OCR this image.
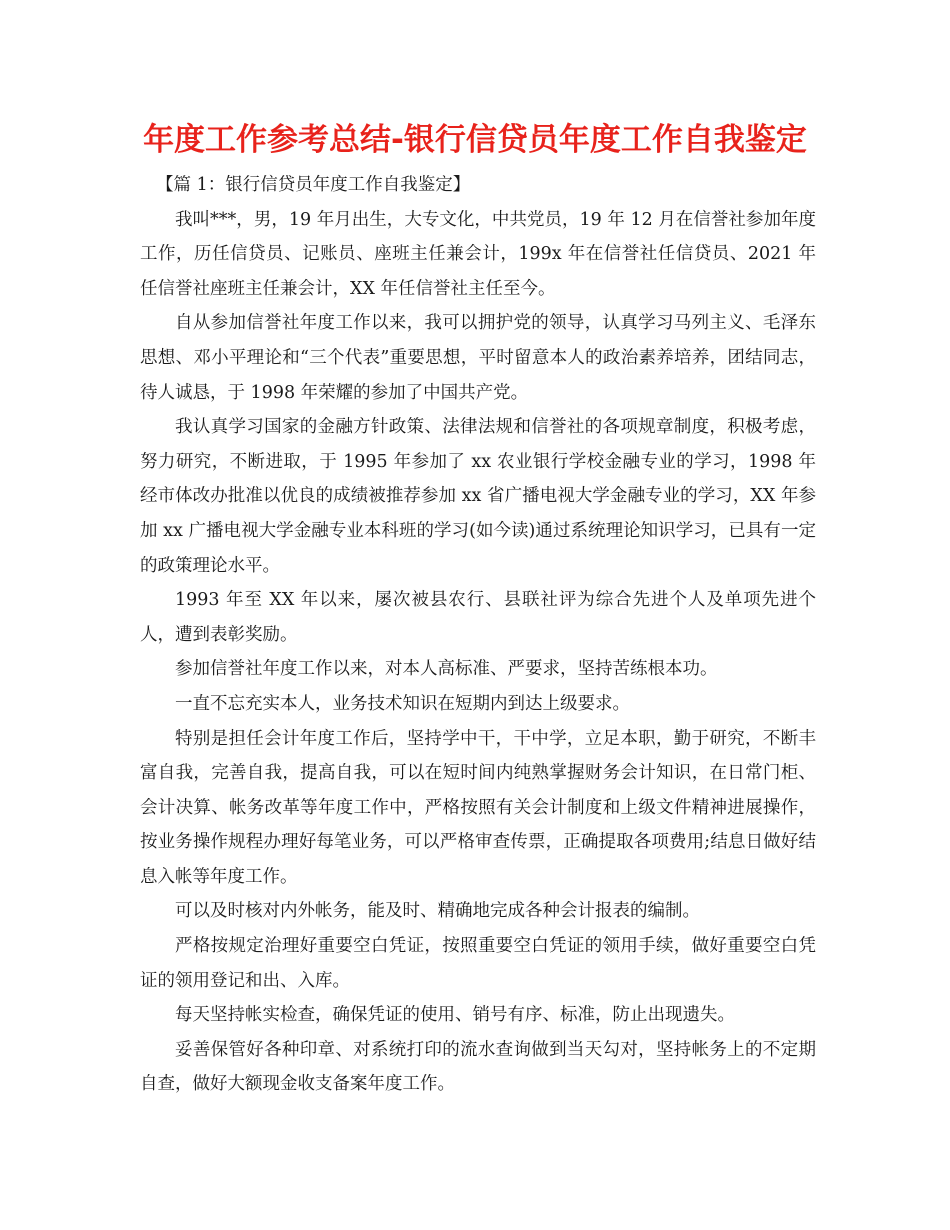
年度工作参考总结-银行信贷员年度工作自我鉴定

【篇 1：银行信贷员年度工作自我鉴定】

我叫***，男，19 年月出生，大专文化，中共党员，19 年 12 月在信誉社参加年度工作，历任信贷员、记账员、座班主任兼会计，199x 年在信誉社任信贷员、2021 年任信誉社座班主任兼会计，XX 年任信誉社主任至今。

自从参加信誉社年度工作以来，我可以拥护党的领导，认真学习马列主义、毛泽东思想、邓小平理论和“三个代表”重要思想，平时留意本人的政治素养培养，团结同志，待人诚恳，于 1998 年荣耀的参加了中国共产党。

我认真学习国家的金融方针政策、法律法规和信誉社的各项规章制度，积极考虑，努力研究，不断进取，于 1995 年参加了 xx 农业银行学校金融专业的学习，1998 年经市体改办批准以优良的成绩被推荐参加 xx 省广播电视大学金融专业的学习，XX 年参加 xx 广播电视大学金融专业本科班的学习(如今读)通过系统理论知识学习，已具有一定的政策理论水平。

1993 年至 XX 年以来，屡次被县农行、县联社评为综合先进个人及单项先进个人，遭到表彰奖励。

参加信誉社年度工作以来，对本人高标准、严要求，坚持苦练根本功。

一直不忘充实本人，业务技术知识在短期内到达上级要求。

特别是担任会计年度工作后，坚持学中干，干中学，立足本职，勤于研究，不断丰富自我，完善自我，提高自我，可以在短时间内纯熟掌握财务会计知识，在日常门柜、会计决算、帐务改革等年度工作中，严格按照有关会计制度和上级文件精神进展操作，按业务操作规程办理好每笔业务，可以严格审查传票，正确提取各项费用;结息日做好结息入帐等年度工作。

可以及时核对内外帐务，能及时、精确地完成各种会计报表的编制。

严格按规定治理好重要空白凭证，按照重要空白凭证的领用手续，做好重要空白凭证的领用登记和出、入库。

每天坚持帐实检查，确保凭证的使用、销号有序、标准，防止出现遗失。

妥善保管好各种印章、对系统打印的流水查询做到当天勾对，坚持帐务上的不定期自查，做好大额现金收支备案年度工作。
